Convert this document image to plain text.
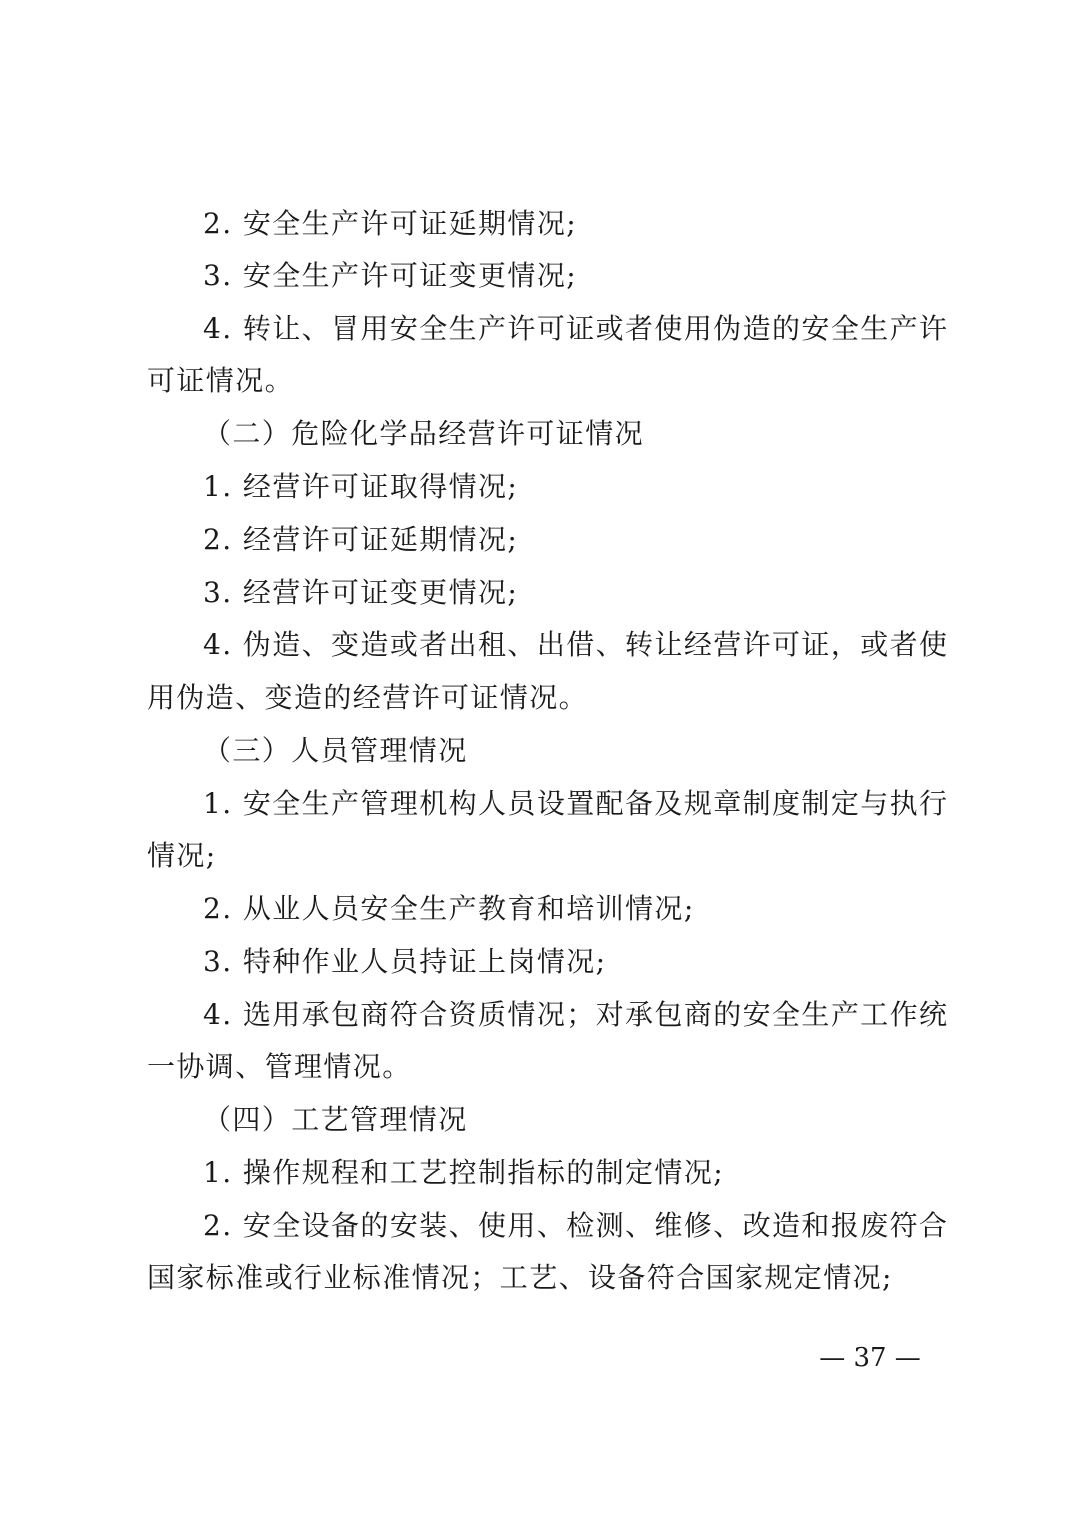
2. 安全生产许可证延期情况;
3. 安全生产许可证变更情况;
4. 转让、冒用安全生产许可证或者使用伪造的安全生产许
可证情况。
（二）危险化学品经营许可证情况
1. 经营许可证取得情况;
2. 经营许可证延期情况;
3. 经营许可证变更情况;
4. 伪造、变造或者出租、出借、转让经营许可证，或者使
用伪造、变造的经营许可证情况。
（三）人员管理情况
1. 安全生产管理机构人员设置配备及规章制度制定与执行
情况;
2. 从业人员安全生产教育和培训情况;
3. 特种作业人员持证上岗情况;
4. 选用承包商符合资质情况；对承包商的安全生产工作统
一协调、管理情况。
（四）工艺管理情况
1. 操作规程和工艺控制指标的制定情况;
2. 安全设备的安装、使用、检测、维修、改造和报废符合
国家标准或行业标准情况；工艺、设备符合国家规定情况;
— 37 —
